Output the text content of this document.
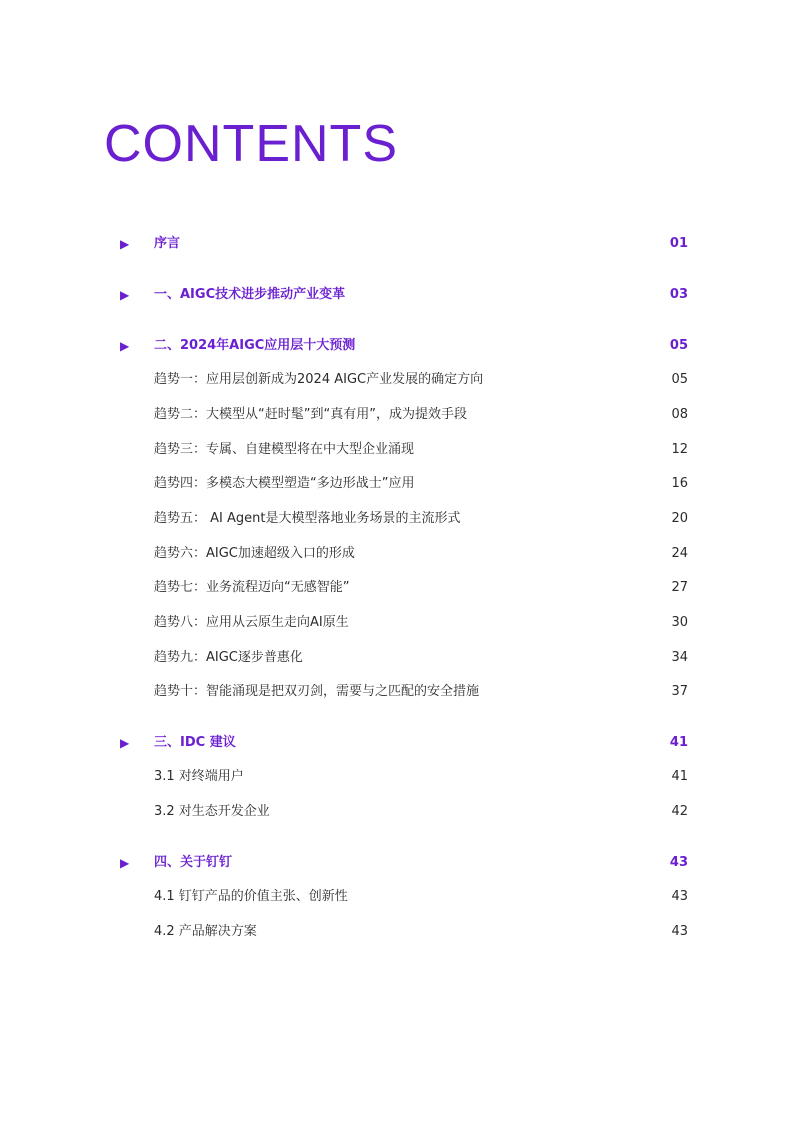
CONTENTS
▶	序言	01
▶	一、AIGC技术进步推动产业变革	03
▶	二、2024年AIGC应用层十大预测	05
趋势一：应用层创新成为2024 AIGC产业发展的确定方向	05
趋势二：大模型从“赶时髦”到“真有用”，成为提效手段	08
趋势三：专属、自建模型将在中大型企业涌现	12
趋势四：多模态大模型塑造“多边形战士”应用	16
趋势五： AI Agent是大模型落地业务场景的主流形式	20
趋势六：AIGC加速超级入口的形成	24
趋势七：业务流程迈向“无感智能”	27
趋势八：应用从云原生走向AI原生	30
趋势九：AIGC逐步普惠化	34
趋势十：智能涌现是把双刃剑，需要与之匹配的安全措施	37
▶	三、IDC 建议	41
3.1 对终端用户	41
3.2 对生态开发企业	42
▶	四、关于钉钉	43
4.1 钉钉产品的价值主张、创新性	43
4.2 产品解决方案	43
